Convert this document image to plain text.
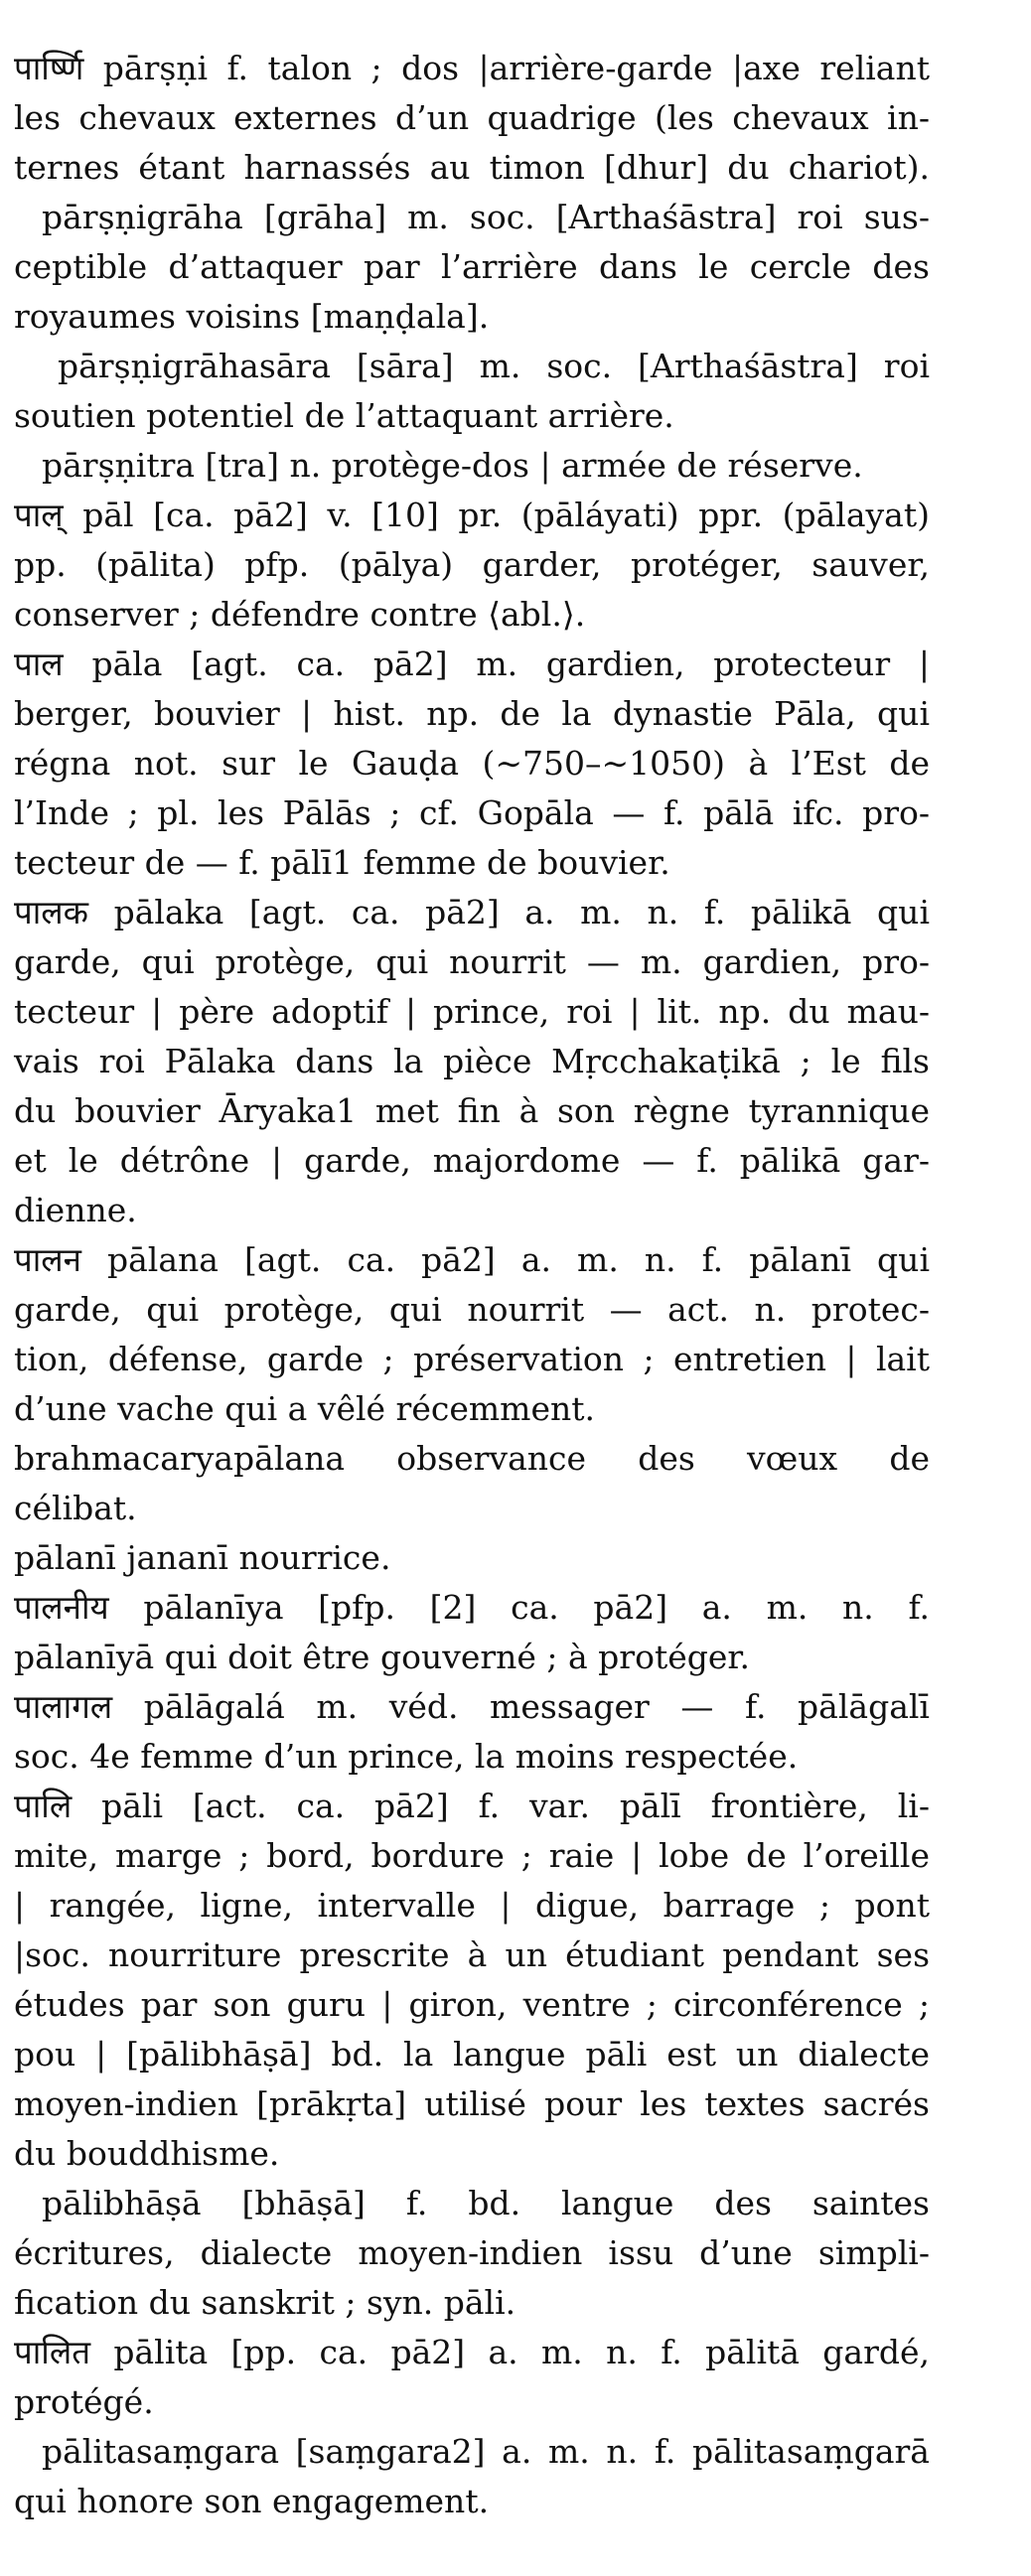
पार्ष्णि pārṣṇi f. talon ; dos |arrière-garde |axe reliant
les chevaux externes d’un quadrige (les chevaux in-
ternes étant harnassés au timon [dhur] du chariot).
pārṣṇigrāha [grāha] m. soc. [Arthaśāstra] roi sus-
ceptible d’attaquer par l’arrière dans le cercle des
royaumes voisins [maṇḍala].
pārṣṇigrāhasāra [sāra] m. soc. [Arthaśāstra] roi
soutien potentiel de l’attaquant arrière.
pārṣṇitra [tra] n. protège-dos | armée de réserve.
पाल् pāl [ca. pā2] v. [10] pr. (pāláyati) ppr. (pālayat)
pp. (pālita) pfp. (pālya) garder, protéger, sauver,
conserver ; défendre contre ⟨abl.⟩.
पाल pāla [agt. ca. pā2] m. gardien, protecteur |
berger, bouvier | hist. np. de la dynastie Pāla, qui
régna not. sur le Gauḍa (∼750–∼1050) à l’Est de
l’Inde ; pl. les Pālās ; cf. Gopāla — f. pālā ifc. pro-
tecteur de — f. pālī1 femme de bouvier.
पालक pālaka [agt. ca. pā2] a. m. n. f. pālikā qui
garde, qui protège, qui nourrit — m. gardien, pro-
tecteur | père adoptif | prince, roi | lit. np. du mau-
vais roi Pālaka dans la pièce Mṛcchakaṭikā ; le fils
du bouvier Āryaka1 met fin à son règne tyrannique
et le détrône | garde, majordome — f. pālikā gar-
dienne.
पालन pālana [agt. ca. pā2] a. m. n. f. pālanī qui
garde, qui protège, qui nourrit — act. n. protec-
tion, défense, garde ; préservation ; entretien | lait
d’une vache qui a vêlé récemment.
brahmacaryapālana observance des vœux de
célibat.
pālanī jananī nourrice.
पालनीय pālanīya [pfp. [2] ca. pā2] a. m. n. f.
pālanīyā qui doit être gouverné ; à protéger.
पालागल pālāgalá m. véd. messager — f. pālāgalī
soc. 4e femme d’un prince, la moins respectée.
पालि pāli [act. ca. pā2] f. var. pālī frontière, li-
mite, marge ; bord, bordure ; raie | lobe de l’oreille
| rangée, ligne, intervalle | digue, barrage ; pont
|soc. nourriture prescrite à un étudiant pendant ses
études par son guru | giron, ventre ; circonférence ;
pou | [pālibhāṣā] bd. la langue pāli est un dialecte
moyen-indien [prākṛta] utilisé pour les textes sacrés
du bouddhisme.
pālibhāṣā [bhāṣā] f. bd. langue des saintes
écritures, dialecte moyen-indien issu d’une simpli-
fication du sanskrit ; syn. pāli.
पालित pālita [pp. ca. pā2] a. m. n. f. pālitā gardé,
protégé.
pālitasaṃgara [saṃgara2] a. m. n. f. pālitasaṃgarā
qui honore son engagement.
